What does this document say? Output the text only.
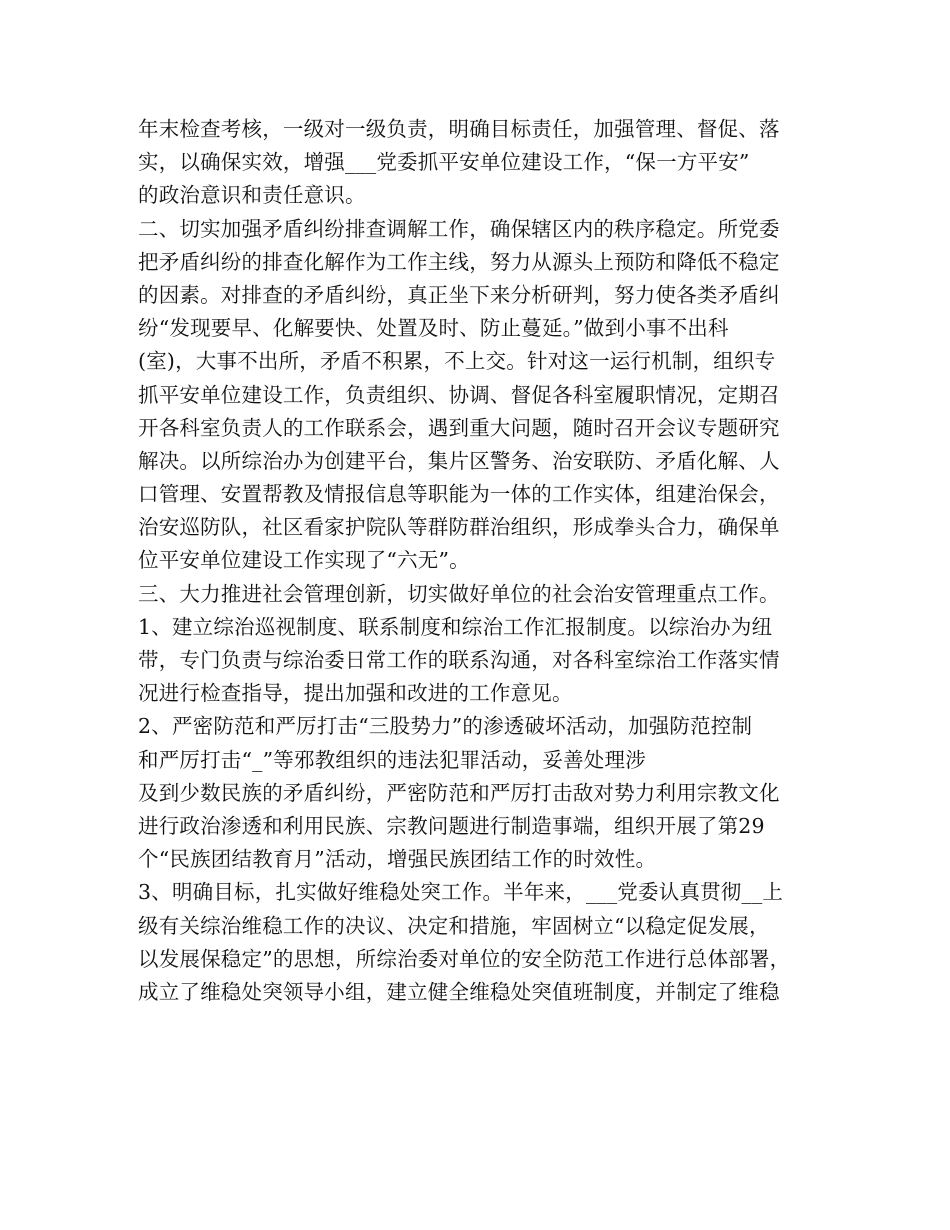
年末检查考核，一级对一级负责，明确目标责任，加强管理、督促、落
实，以确保实效，增强___党委抓平安单位建设工作，“保一方平安”
的政治意识和责任意识。
二、切实加强矛盾纠纷排查调解工作，确保辖区内的秩序稳定。所党委
把矛盾纠纷的排查化解作为工作主线，努力从源头上预防和降低不稳定
的因素。对排查的矛盾纠纷，真正坐下来分析研判，努力使各类矛盾纠
纷“发现要早、化解要快、处置及时、防止蔓延。”做到小事不出科
(室)，大事不出所，矛盾不积累，不上交。针对这一运行机制，组织专
抓平安单位建设工作，负责组织、协调、督促各科室履职情况，定期召
开各科室负责人的工作联系会，遇到重大问题，随时召开会议专题研究
解决。以所综治办为创建平台，集片区警务、治安联防、矛盾化解、人
口管理、安置帮教及情报信息等职能为一体的工作实体，组建治保会，
治安巡防队，社区看家护院队等群防群治组织，形成拳头合力，确保单
位平安单位建设工作实现了“六无”。
三、大力推进社会管理创新，切实做好单位的社会治安管理重点工作。
1、建立综治巡视制度、联系制度和综治工作汇报制度。以综治办为纽
带，专门负责与综治委日常工作的联系沟通，对各科室综治工作落实情
况进行检查指导，提出加强和改进的工作意见。
2、严密防范和严厉打击“三股势力”的渗透破坏活动，加强防范控制
和严厉打击“_”等邪教组织的违法犯罪活动，妥善处理涉
及到少数民族的矛盾纠纷，严密防范和严厉打击敌对势力利用宗教文化
进行政治渗透和利用民族、宗教问题进行制造事端，组织开展了第29
个“民族团结教育月”活动，增强民族团结工作的时效性。
3、明确目标，扎实做好维稳处突工作。半年来，___党委认真贯彻__上
级有关综治维稳工作的决议、决定和措施，牢固树立“以稳定促发展，
以发展保稳定”的思想，所综治委对单位的安全防范工作进行总体部署，
成立了维稳处突领导小组，建立健全维稳处突值班制度，并制定了维稳
